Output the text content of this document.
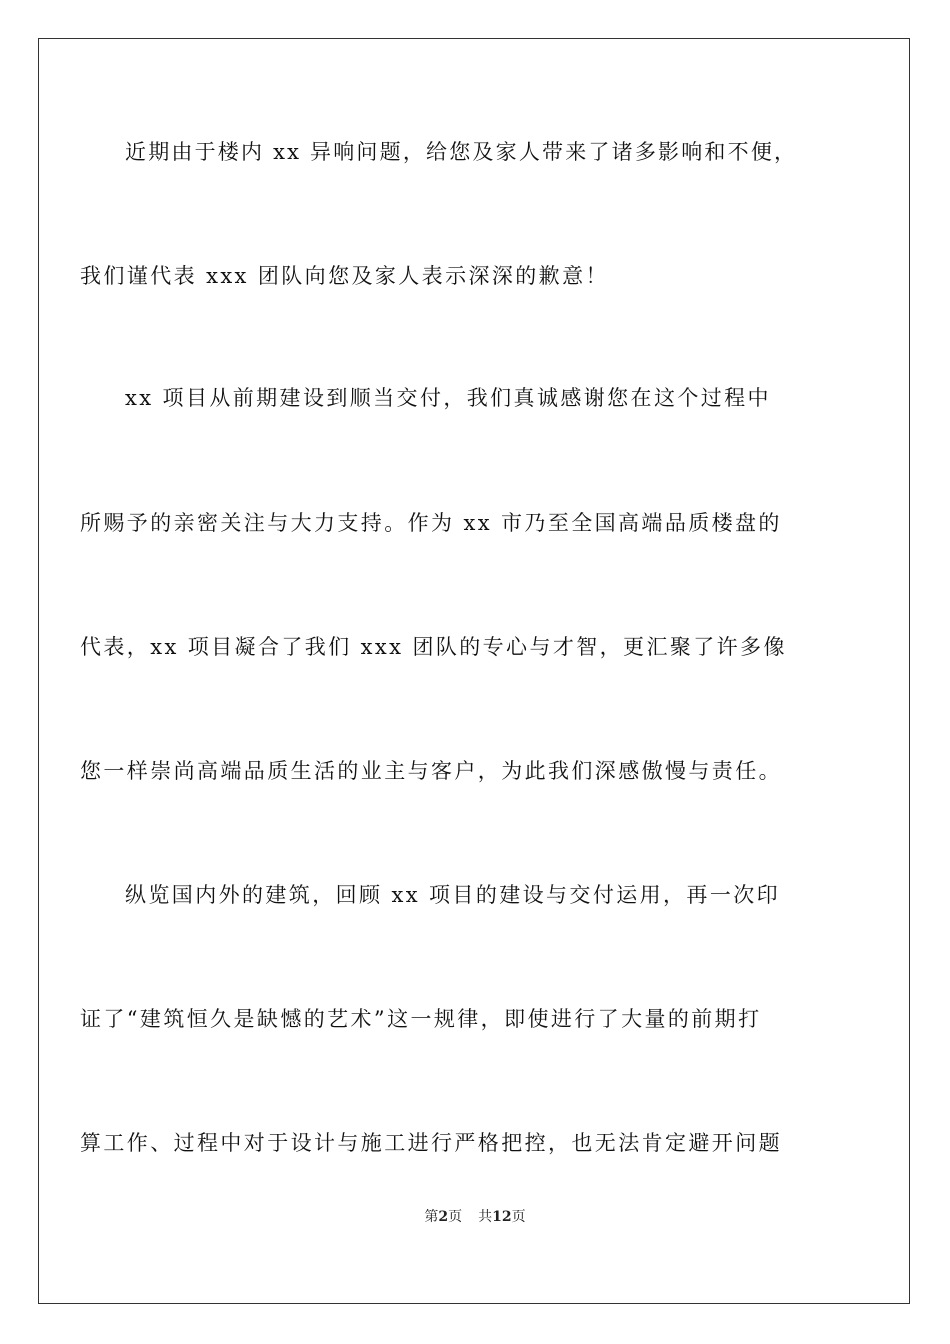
近期由于楼内 xx 异响问题，给您及家人带来了诸多影响和不便，
我们谨代表 xxx 团队向您及家人表示深深的歉意！
xx 项目从前期建设到顺当交付，我们真诚感谢您在这个过程中
所赐予的亲密关注与大力支持。作为 xx 市乃至全国高端品质楼盘的
代表，xx 项目凝合了我们 xxx 团队的专心与才智，更汇聚了许多像
您一样崇尚高端品质生活的业主与客户，为此我们深感傲慢与责任。
纵览国内外的建筑，回顾 xx 项目的建设与交付运用，再一次印
证了“建筑恒久是缺憾的艺术”这一规律，即使进行了大量的前期打
算工作、过程中对于设计与施工进行严格把控，也无法肯定避开问题
第2页 共12页
